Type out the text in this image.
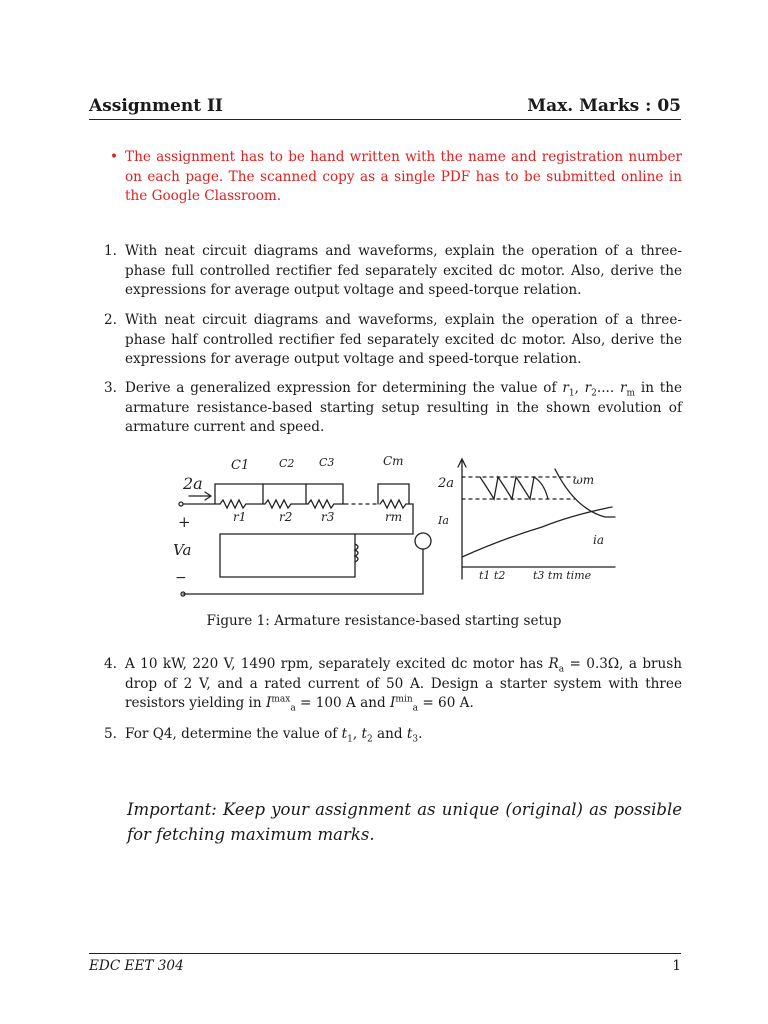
Assignment II	Max. Marks : 05
• The assignment has to be hand written with the name and registration number on each page. The scanned copy as a single PDF has to be submitted online in the Google Classroom.
1. With neat circuit diagrams and waveforms, explain the operation of a three-phase full controlled rectifier fed separately excited dc motor. Also, derive the expressions for average output voltage and speed-torque relation.
2. With neat circuit diagrams and waveforms, explain the operation of a three-phase half controlled rectifier fed separately excited dc motor. Also, derive the expressions for average output voltage and speed-torque relation.
3. Derive a generalized expression for determining the value of $r_1$, $r_2$.... $r_m$ in the armature resistance-based starting setup resulting in the shown evolution of armature current and speed.
2a
+
Va
−
C1	C2 C3	Cm
r1	r2 r3	rm
2a
Ia
ωm
ia
t1 t2	t3 tm time
Figure 1: Armature resistance-based starting setup
4. A 10 kW, 220 V, 1490 rpm, separately excited dc motor has $R_a = 0.3\Omega$, a brush drop of 2 V, and a rated current of 50 A. Design a starter system with three resistors yielding in $I^{max}_a = 100$ A and $I^{min}_a = 60$ A.
5. For Q4, determine the value of $t_1$, $t_2$ and $t_3$.
Important: Keep your assignment as unique (original) as possible for fetching maximum marks.
EDC EET 304	1
